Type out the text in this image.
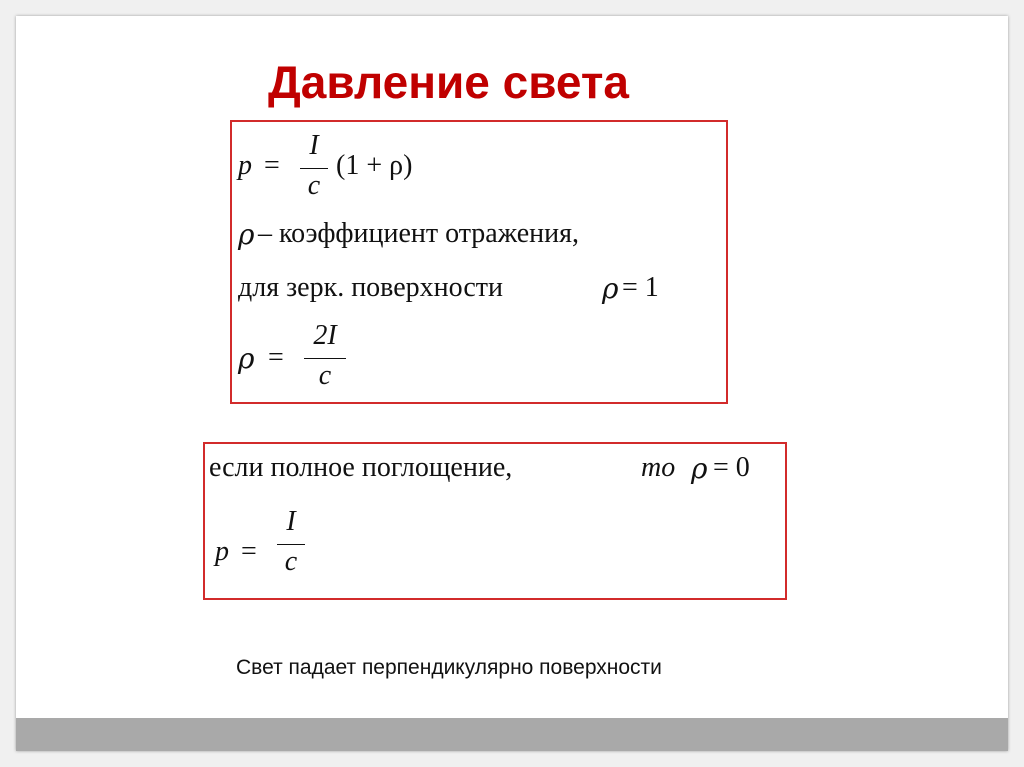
Давление света
p =
I
c
(1 + ρ)
ρ – коэффициент отражения,
для зерк. поверхности	ρ = 1
ρ =
2I
c
если полное поглощение,	то ρ = 0
p =
I
c
Свет падает перпендикулярно поверхности
